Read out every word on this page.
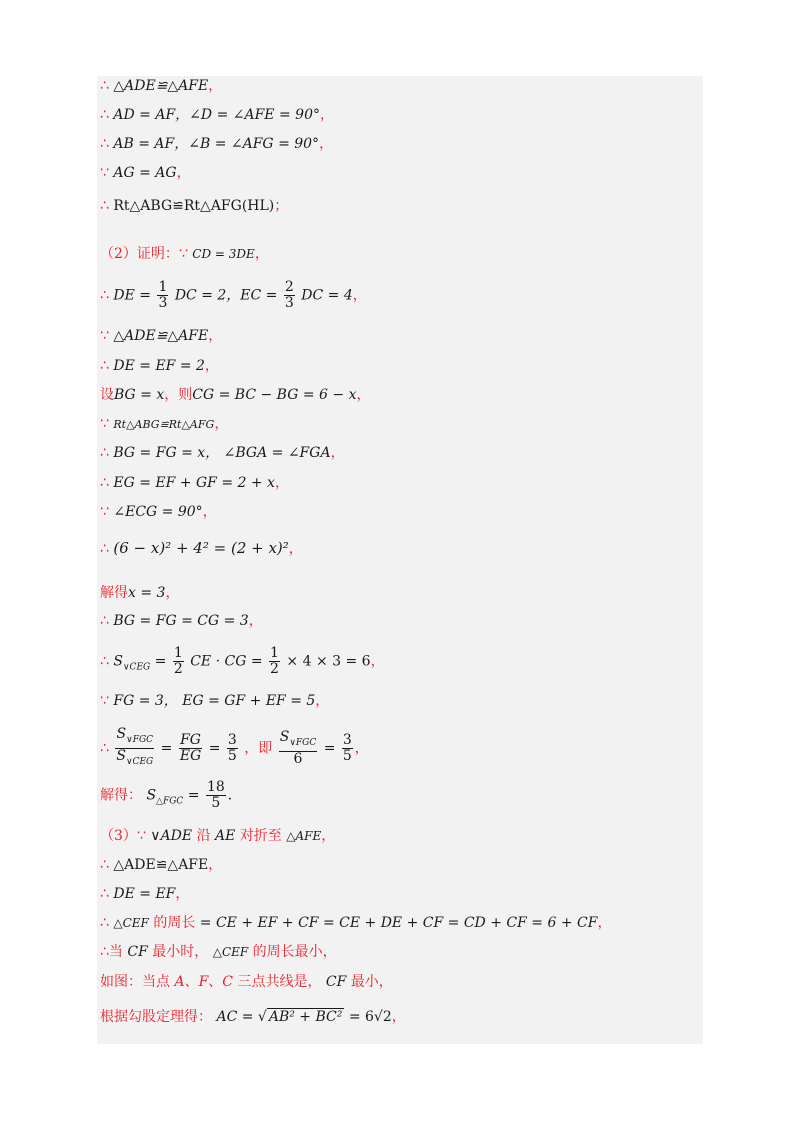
∴ △ADE≌△AFE，
∴ AD = AF，∠D = ∠AFE = 90°，
∴ AB = AF，∠B = ∠AFG = 90°，
∵ AG = AG，
∴ Rt△ABG≌Rt△AFG(HL)；
（2）证明：∵ CD = 3DE，
∴ DE = $\frac{1}{3}$ DC = 2，EC = $\frac{2}{3}$ DC = 4，
∵ △ADE≌△AFE，
∴ DE = EF = 2，
设BG = x，则CG = BC − BG = 6 − x，
∵ Rt△ABG≌Rt△AFG，
∴ BG = FG = x， ∠BGA = ∠FGA，
∴ EG = EF + GF = 2 + x，
∵ ∠ECG = 90°，
∴ (6 − x)² + 4² = (2 + x)²，
解得x = 3，
∴ BG = FG = CG = 3，
∴ $S_{\vee CEG} = \frac{1}{2}$ CE · CG = $\frac{1}{2} \times 4 \times 3 = 6$，
∵ FG = 3， EG = GF + EF = 5，
∴ $\frac{S_{\vee FGC}}{S_{\vee CEG}} = \frac{FG}{EG} = \frac{3}{5}$ ，即 $\frac{S_{\vee FGC}}{6} = \frac{3}{5}$ ，
解得： $S_{\triangle FGC} = \frac{18}{5}$ ．
（3）∵ ∨ADE 沿 AE 对折至 △AFE，
∴ △ADE≌△AFE，
∴ DE = EF，
∴ △CEF 的周长 = CE + EF + CF = CE + DE + CF = CD + CF = 6 + CF，
∴当 CF 最小时， △CEF 的周长最小，
如图：当点 A、F、C 三点共线是， CF 最小，
根据勾股定理得： AC = √ AB² + BC² = 6√2，
